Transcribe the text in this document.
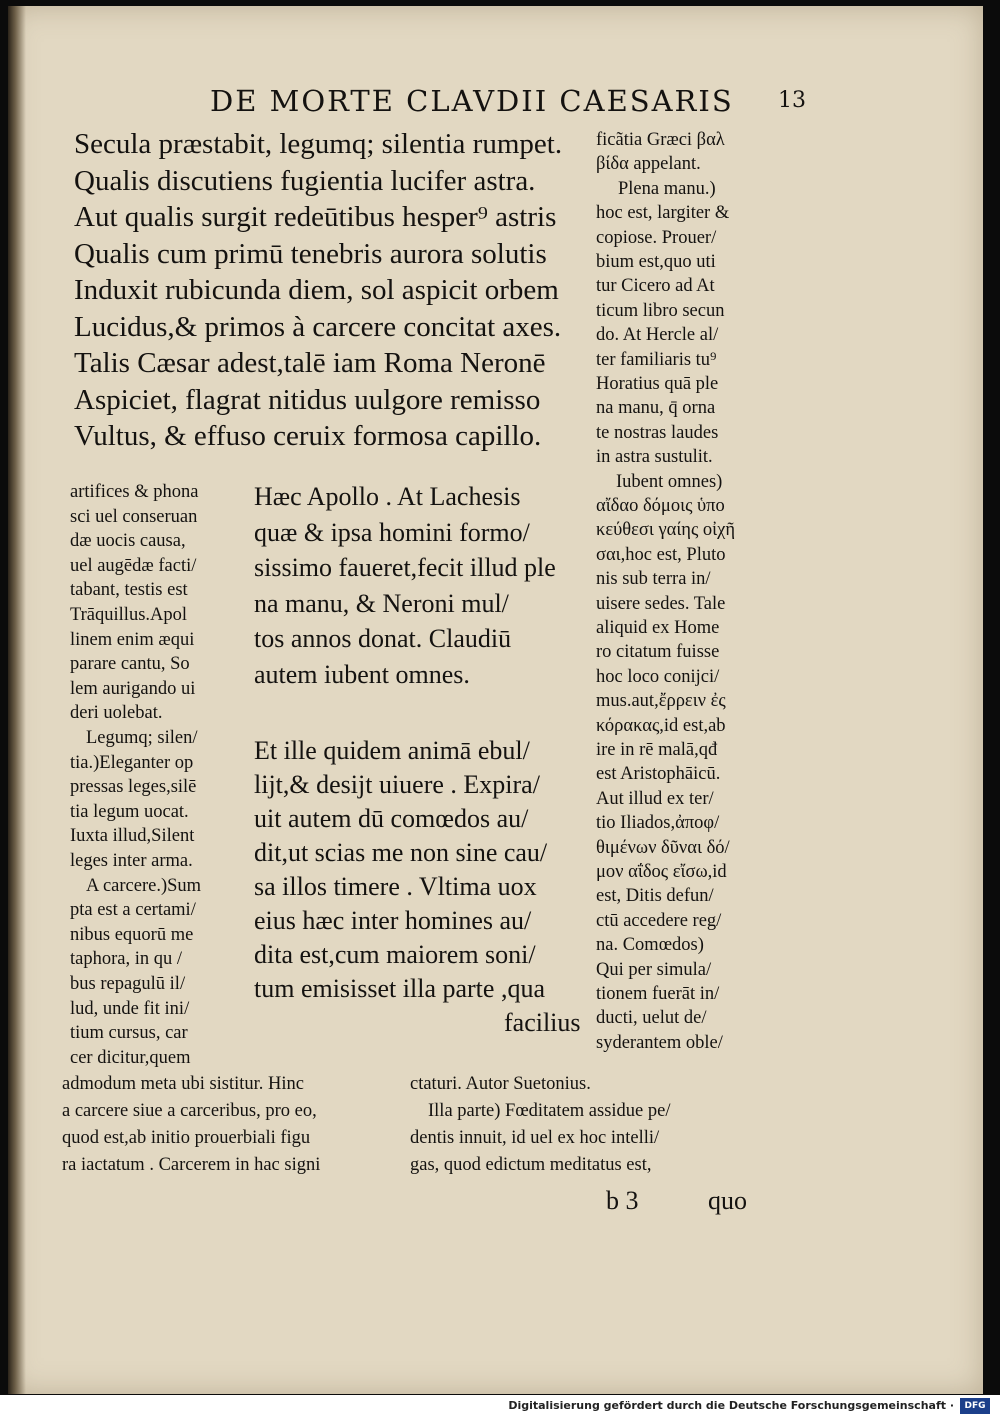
DE MORTE CLAVDII CAESARIS 13
Secula præstabit, legumq; silentia rumpet.
Qualis discutiens fugientia lucifer astra.
Aut qualis surgit redeūtibus hesper⁹ astris
Qualis cum primū tenebris aurora solutis
Induxit rubicunda diem, sol aspicit orbem
Lucidus,& primos à carcere concitat axes.
Talis Cæsar adest,talē iam Roma Neronē
Aspiciet, flagrat nitidus uulgore remisso
Vultus, & effuso ceruix formosa capillo.
ficãtia Græci βαλ
βίδα appelant.
Plena manu.)
hoc est, largiter &
copiose. Prouer/
bium est,quo uti
tur Cicero ad At
ticum libro secun
do. At Hercle al/
ter familiaris tu⁹
Horatius quā ple
na manu, q̄ orna
te nostras laudes
in astra sustulit.
Iubent omnes)
αἴδαο δόμοις ὑπο
κεύθεσι γαίης οἰχῆ
σαι,hoc est, Pluto
nis sub terra in/
uisere sedes. Tale
aliquid ex Home
ro citatum fuisse
hoc loco conijci/
mus.aut,ἔρρειν ἐς
κόρακας,id est,ab
ire in rē malā,qđ
est Aristophāicū.
Aut illud ex ter/
tio Iliados,ἀποφ/
θιμένων δῦναι δό/
μον αΐδος εἴσω,id
est, Ditis defun/
ctū accedere reg/
na. Comœdos)
Qui per simula/
tionem fuerāt in/
ducti, uelut de/
syderantem oble/
artifices & phona
sci uel conseruan
dæ uocis causa,
uel augēdæ facti/
tabant, testis est
Trāquillus.Apol
linem enim æqui
parare cantu, So
lem aurigando ui
deri uolebat.
Legumq; silen/
tia.)Eleganter op
pressas leges,silē
tia legum uocat.
Iuxta illud,Silent
leges inter arma.
A carcere.)Sum
pta est a certami/
nibus equorū me
taphora, in qu /
bus repagulū il/
lud, unde fit ini/
tium cursus, car
cer dicitur,quem
Hæc Apollo . At Lachesis
quæ & ipsa homini formo/
sissimo faueret,fecit illud ple
na manu, & Neroni mul/
tos annos donat. Claudiū
autem iubent omnes.
Et ille quidem animā ebul/
lijt,& desijt uiuere . Expira/
uit autem dū comœdos au/
dit,ut scias me non sine cau/
sa illos timere . Vltima uox
eius hæc inter homines au/
dita est,cum maiorem soni/
tum emisisset illa parte ,qua
facilius
admodum meta ubi sistitur. Hinc
a carcere siue a carceribus, pro eo,
quod est,ab initio prouerbiali figu
ra iactatum . Carcerem in hac signi
ctaturi. Autor Suetonius.
Illa parte) Fœditatem assidue pe/
dentis innuit, id uel ex hoc intelli/
gas, quod edictum meditatus est,
b 3	quo
Digitalisierung gefördert durch die Deutsche Forschungsgemeinschaft ·	DFG
